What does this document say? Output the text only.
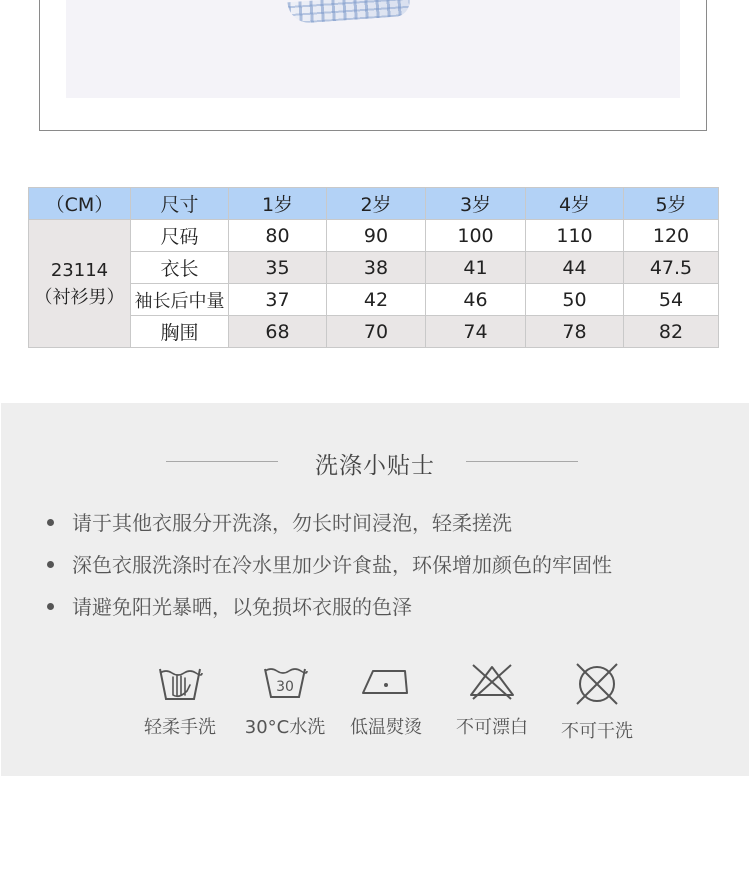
（CM）	尺寸	1岁	2岁	3岁	4岁	5岁

23114
（衬衫男）	尺码	80	90	100	110	120
	衣长	35	38	41	44	47.5
	袖长后中量	37	42	46	50	54
	胸围	68	70	74	78	82
洗涤小贴士
请于其他衣服分开洗涤，勿长时间浸泡，轻柔搓洗
深色衣服洗涤时在冷水里加少许食盐，环保增加颜色的牢固性
请避免阳光暴晒，以免损坏衣服的色泽
轻柔手洗
30
30°C水洗	低温熨烫	不可漂白	不可干洗
